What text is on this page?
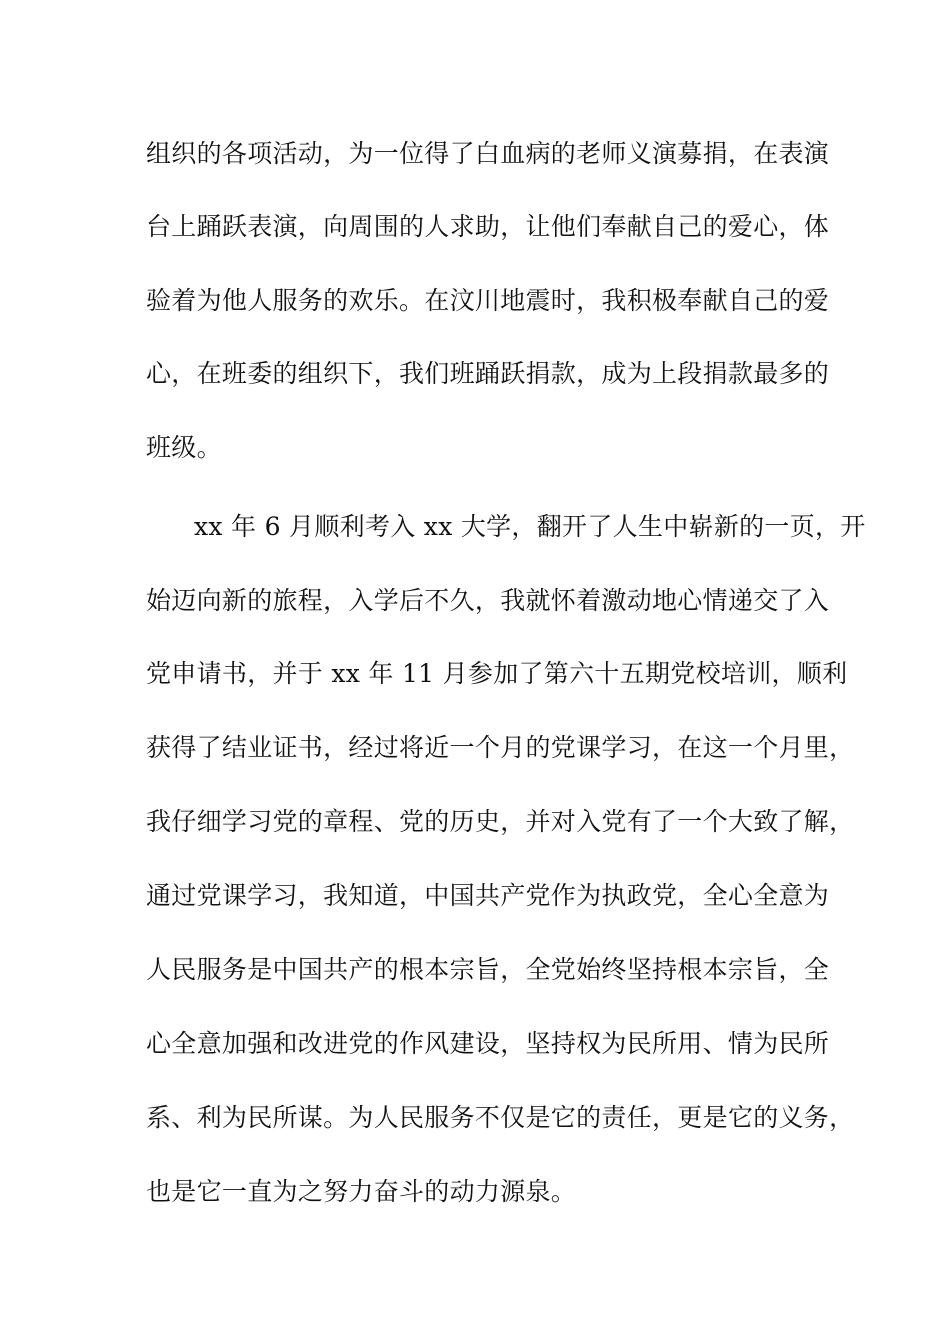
组织的各项活动，为一位得了白血病的老师义演募捐，在表演
台上踊跃表演，向周围的人求助，让他们奉献自己的爱心，体
验着为他人服务的欢乐。在汶川地震时，我积极奉献自己的爱
心，在班委的组织下，我们班踊跃捐款，成为上段捐款最多的
班级。
xx 年 6 月顺利考入 xx 大学，翻开了人生中崭新的一页，开
始迈向新的旅程，入学后不久，我就怀着激动地心情递交了入
党申请书，并于 xx 年 11 月参加了第六十五期党校培训，顺利
获得了结业证书，经过将近一个月的党课学习，在这一个月里，
我仔细学习党的章程、党的历史，并对入党有了一个大致了解，
通过党课学习，我知道，中国共产党作为执政党，全心全意为
人民服务是中国共产的根本宗旨，全党始终坚持根本宗旨，全
心全意加强和改进党的作风建设，坚持权为民所用、情为民所
系、利为民所谋。为人民服务不仅是它的责任，更是它的义务，
也是它一直为之努力奋斗的动力源泉。
